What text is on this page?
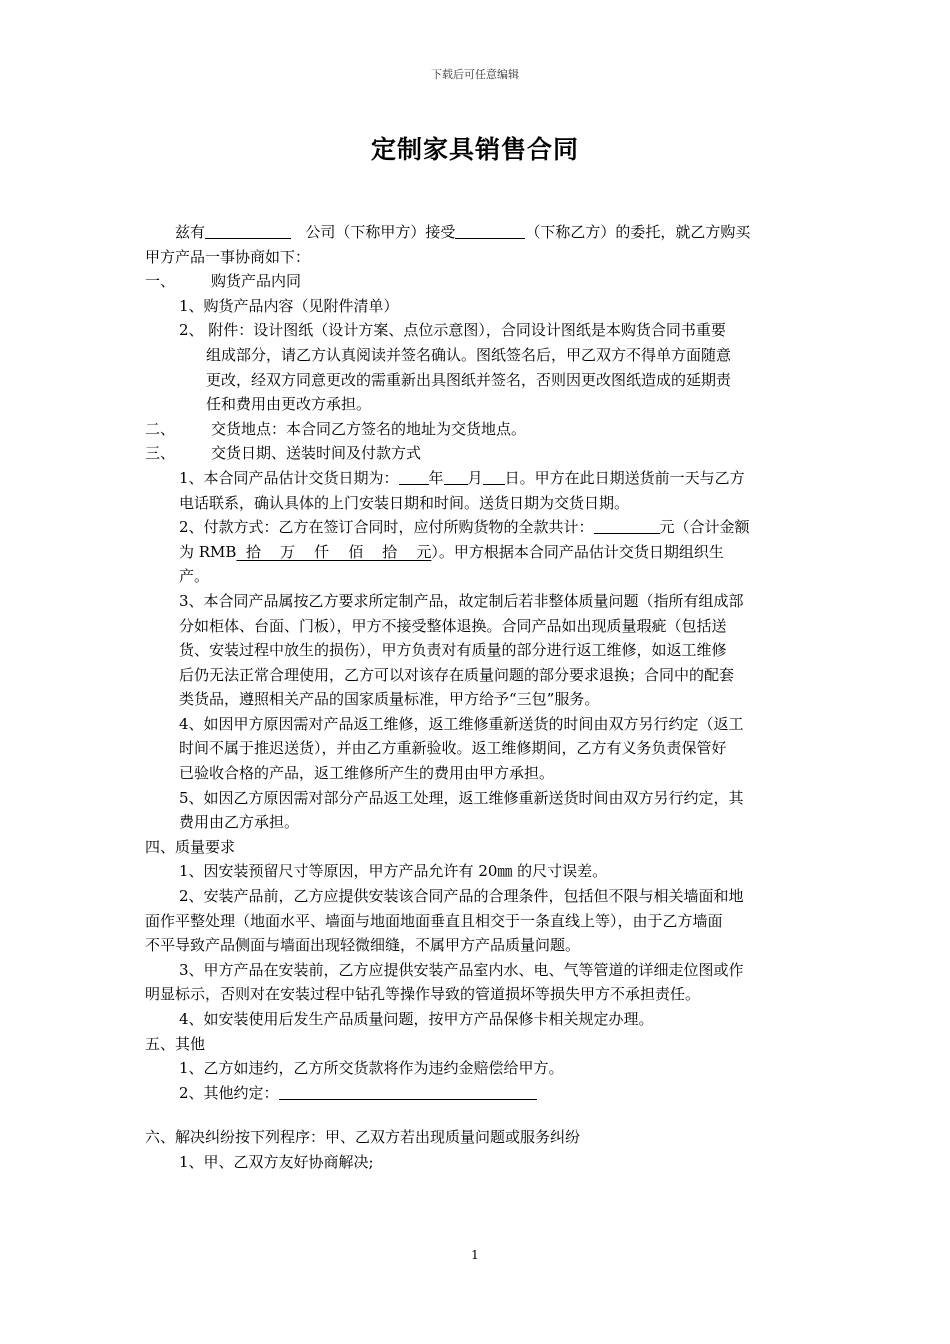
下载后可任意编辑
定制家具销售合同
兹有	公司（下称甲方）接受	（下称乙方）的委托，就乙方购买
甲方产品一事协商如下：
一、 购货产品内同
1、购货产品内容（见附件清单）
2、 附件：设计图纸（设计方案、点位示意图），合同设计图纸是本购货合同书重要
组成部分，请乙方认真阅读并签名确认。图纸签名后，甲乙双方不得单方面随意
更改，经双方同意更改的需重新出具图纸并签名，否则因更改图纸造成的延期责
任和费用由更改方承担。
二、 交货地点：本合同乙方签名的地址为交货地点。
三、 交货日期、送装时间及付款方式
1、本合同产品估计交货日期为： 年 月 日。甲方在此日期送货前一天与乙方
电话联系，确认具体的上门安装日期和时间。送货日期为交货日期。
2、付款方式：乙方在签订合同时，应付所购货物的全款共计：	元（合计金额
为 RMB  拾    万    仟    佰    拾    元）。甲方根据本合同产品估计交货日期组织生
产。
3、本合同产品属按乙方要求所定制产品，故定制后若非整体质量问题（指所有组成部
分如柜体、台面、门板），甲方不接受整体退换。合同产品如出现质量瑕疵（包括送
货、安装过程中放生的损伤），甲方负责对有质量的部分进行返工维修，如返工维修
后仍无法正常合理使用，乙方可以对该存在质量问题的部分要求退换；合同中的配套
类货品，遵照相关产品的国家质量标准，甲方给予“三包”服务。
4、如因甲方原因需对产品返工维修，返工维修重新送货的时间由双方另行约定（返工
时间不属于推迟送货），并由乙方重新验收。返工维修期间，乙方有义务负责保管好
已验收合格的产品，返工维修所产生的费用由甲方承担。
5、如因乙方原因需对部分产品返工处理，返工维修重新送货时间由双方另行约定，其
费用由乙方承担。
四、质量要求
1、因安装预留尺寸等原因，甲方产品允许有 20㎜ 的尺寸误差。
2、安装产品前，乙方应提供安装该合同产品的合理条件，包括但不限与相关墙面和地
面作平整处理（地面水平、墙面与地面地面垂直且相交于一条直线上等），由于乙方墙面
不平导致产品侧面与墙面出现轻微细缝，不属甲方产品质量问题。
3、甲方产品在安装前，乙方应提供安装产品室内水、电、气等管道的详细走位图或作
明显标示，否则对在安装过程中钻孔等操作导致的管道损坏等损失甲方不承担责任。
4、如安装使用后发生产品质量问题，按甲方产品保修卡相关规定办理。
五、其他
1、乙方如违约，乙方所交货款将作为违约金赔偿给甲方。
2、其他约定：
六、解决纠纷按下列程序：甲、乙双方若出现质量问题或服务纠纷
1、甲、乙双方友好协商解决;
1
